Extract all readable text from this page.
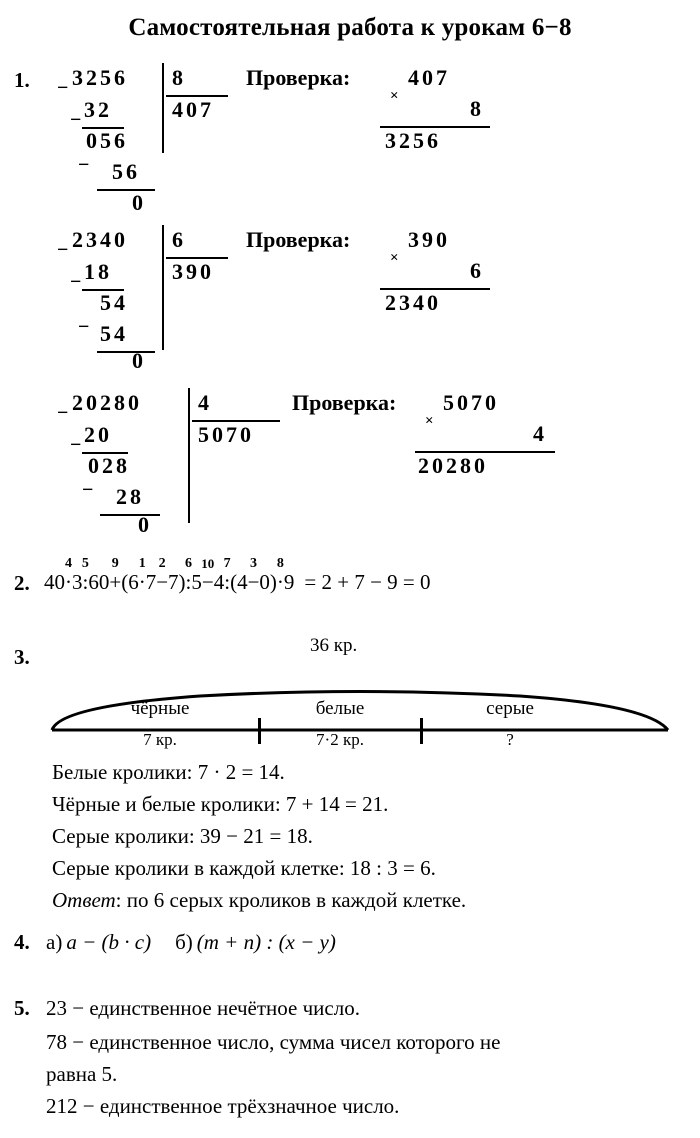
Самостоятельная работа к урокам 6−8
1. − 3256 8
407
− 32
056
− 56
0
Проверка:
×
407
8
3256
− 2340 6
390
− 18
54
− 54
0
Проверка:
×
390
6
2340
− 20280	4
5070
− 20
028
− 28
0
Проверка:
×
5070
4
20280
2. 40
4
·3
5
:60
9
+(6
1
·7
2
−7)
6
:5
10
−4
7
:(4
3
−0)
8
·9 = 2 + 7 − 9 = 0
3.	36 кр.
чёрные	белые	серые
7 кр.	7·2 кр.	?
Белые кролики: 7 · 2 = 14.
Чёрные и белые кролики: 7 + 14 = 21.
Серые кролики: 39 − 21 = 18.
Серые кролики в каждой клетке: 18 : 3 = 6.
Ответ: по 6 серых кроликов в каждой клетке.
4. а) a − (b · c) б) (m + n) : (x − y)
5. 23 − единственное нечётное число.
78 − единственное число, сумма чисел которого не
равна 5.
212 − единственное трёхзначное число.
